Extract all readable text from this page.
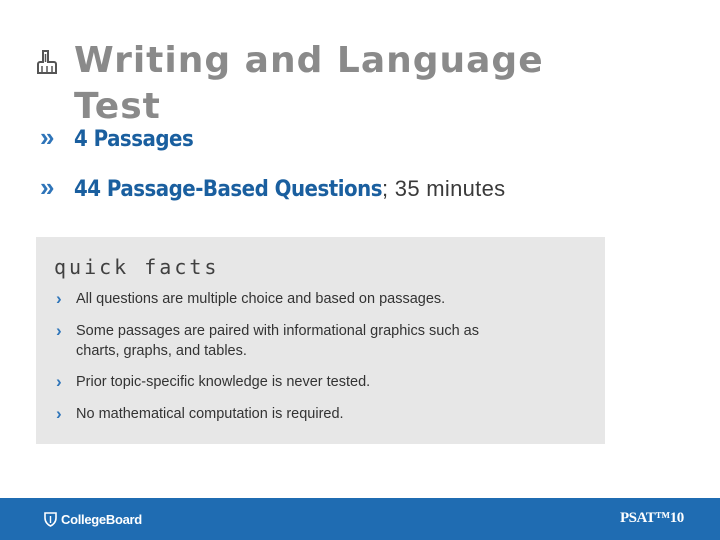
Writing and Language Test
»	4 Passages
»	44 Passage-Based Questions ; 35 minutes
quick facts
› All questions are multiple choice and based on passages.
› Some passages are paired with informational graphics such as charts, graphs, and tables.
› Prior topic-specific knowledge is never tested.
› No mathematical computation is required.
CollegeBoard	PSAT™10
